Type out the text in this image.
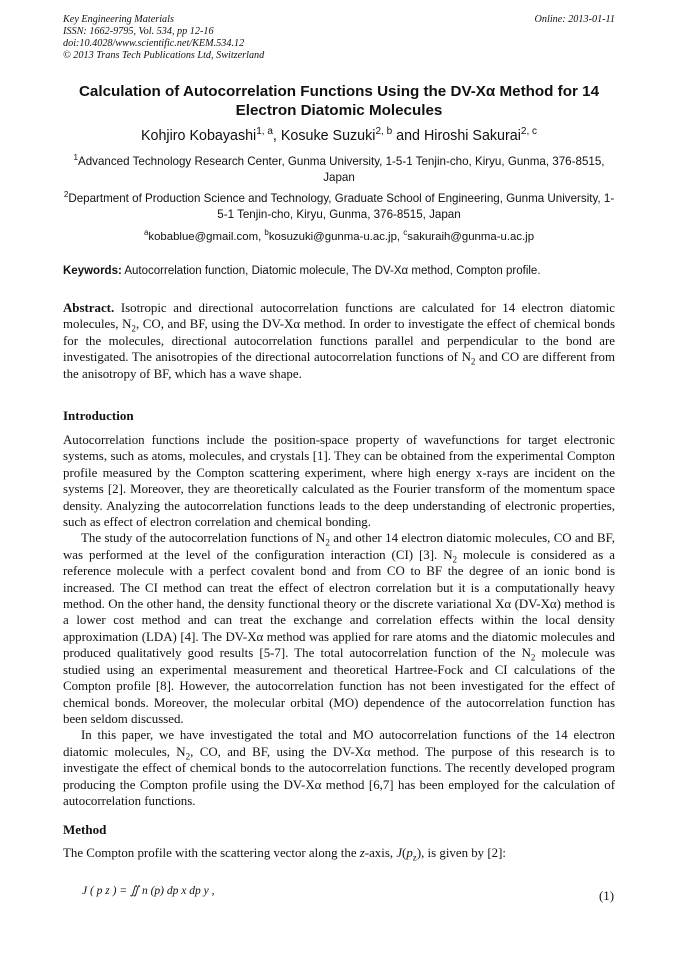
Key Engineering Materials
ISSN: 1662-9795, Vol. 534, pp 12-16
doi:10.4028/www.scientific.net/KEM.534.12
© 2013 Trans Tech Publications Ltd, Switzerland
Online: 2013-01-11
Calculation of Autocorrelation Functions Using the DV-Xα Method for 14 Electron Diatomic Molecules
Kohjiro Kobayashi$^{1, a}$, Kosuke Suzuki$^{2, b}$ and Hiroshi Sakurai$^{2, c}$
$^1$Advanced Technology Research Center, Gunma University, 1-5-1 Tenjin-cho, Kiryu, Gunma, 376-8515, Japan
$^2$Department of Production Science and Technology, Graduate School of Engineering, Gunma University, 1-5-1 Tenjin-cho, Kiryu, Gunma, 376-8515, Japan
$^a$kobablue@gmail.com, $^b$kosuzuki@gunma-u.ac.jp, $^c$sakuraih@gunma-u.ac.jp
Keywords: Autocorrelation function, Diatomic molecule, The DV-Xα method, Compton profile.

Abstract. Isotropic and directional autocorrelation functions are calculated for 14 electron diatomic molecules, $N_2$, CO, and BF, using the DV-Xα method. In order to investigate the effect of chemical bonds for the molecules, directional autocorrelation functions parallel and perpendicular to the bond are investigated. The anisotropies of the directional autocorrelation functions of $N_2$ and CO are different from the anisotropy of BF, which has a wave shape.

Introduction

Autocorrelation functions include the position-space property of wavefunctions for target electronic systems, such as atoms, molecules, and crystals [1]. They can be obtained from the experimental Compton profile measured by the Compton scattering experiment, where high energy x-rays are incident on the systems [2]. Moreover, they are theoretically calculated as the Fourier transform of the momentum space density. Analyzing the autocorrelation functions leads to the deep understanding of electronic properties, such as effect of electron correlation and chemical bonding.

The study of the autocorrelation functions of $N_2$ and other 14 electron diatomic molecules, CO and BF, was performed at the level of the configuration interaction (CI) [3]. $N_2$ molecule is considered as a reference molecule with a perfect covalent bond and from CO to BF the degree of an ionic bond is increased. The CI method can treat the effect of electron correlation but it is a computationally heavy method. On the other hand, the density functional theory or the discrete variational Xα (DV-Xα) method is a lower cost method and can treat the exchange and correlation effects within the local density approximation (LDA) [4]. The DV-Xα method was applied for rare atoms and the diatomic molecules and produced qualitatively good results [5-7]. The total autocorrelation function of the $N_2$ molecule was studied using an experimental measurement and theoretical Hartree-Fock and CI calculations of the Compton profile [8]. However, the autocorrelation function has not been investigated for the effect of chemical bonds. Moreover, the molecular orbital (MO) dependence of the autocorrelation function has been seldom discussed.

In this paper, we have investigated the total and MO autocorrelation functions of the 14 electron diatomic molecules, $N_2$, CO, and BF, using the DV-Xα method. The purpose of this research is to investigate the effect of chemical bonds to the autocorrelation functions. The recently developed program producing the Compton profile using the DV-Xα method [6,7] has been employed for the calculation of autocorrelation functions.

Method
The Compton profile with the scattering vector along the z-axis, $J(p_z)$, is given by [2]:
J ( p z ) = ∬ n (p) dp x dp y ,	(1)
